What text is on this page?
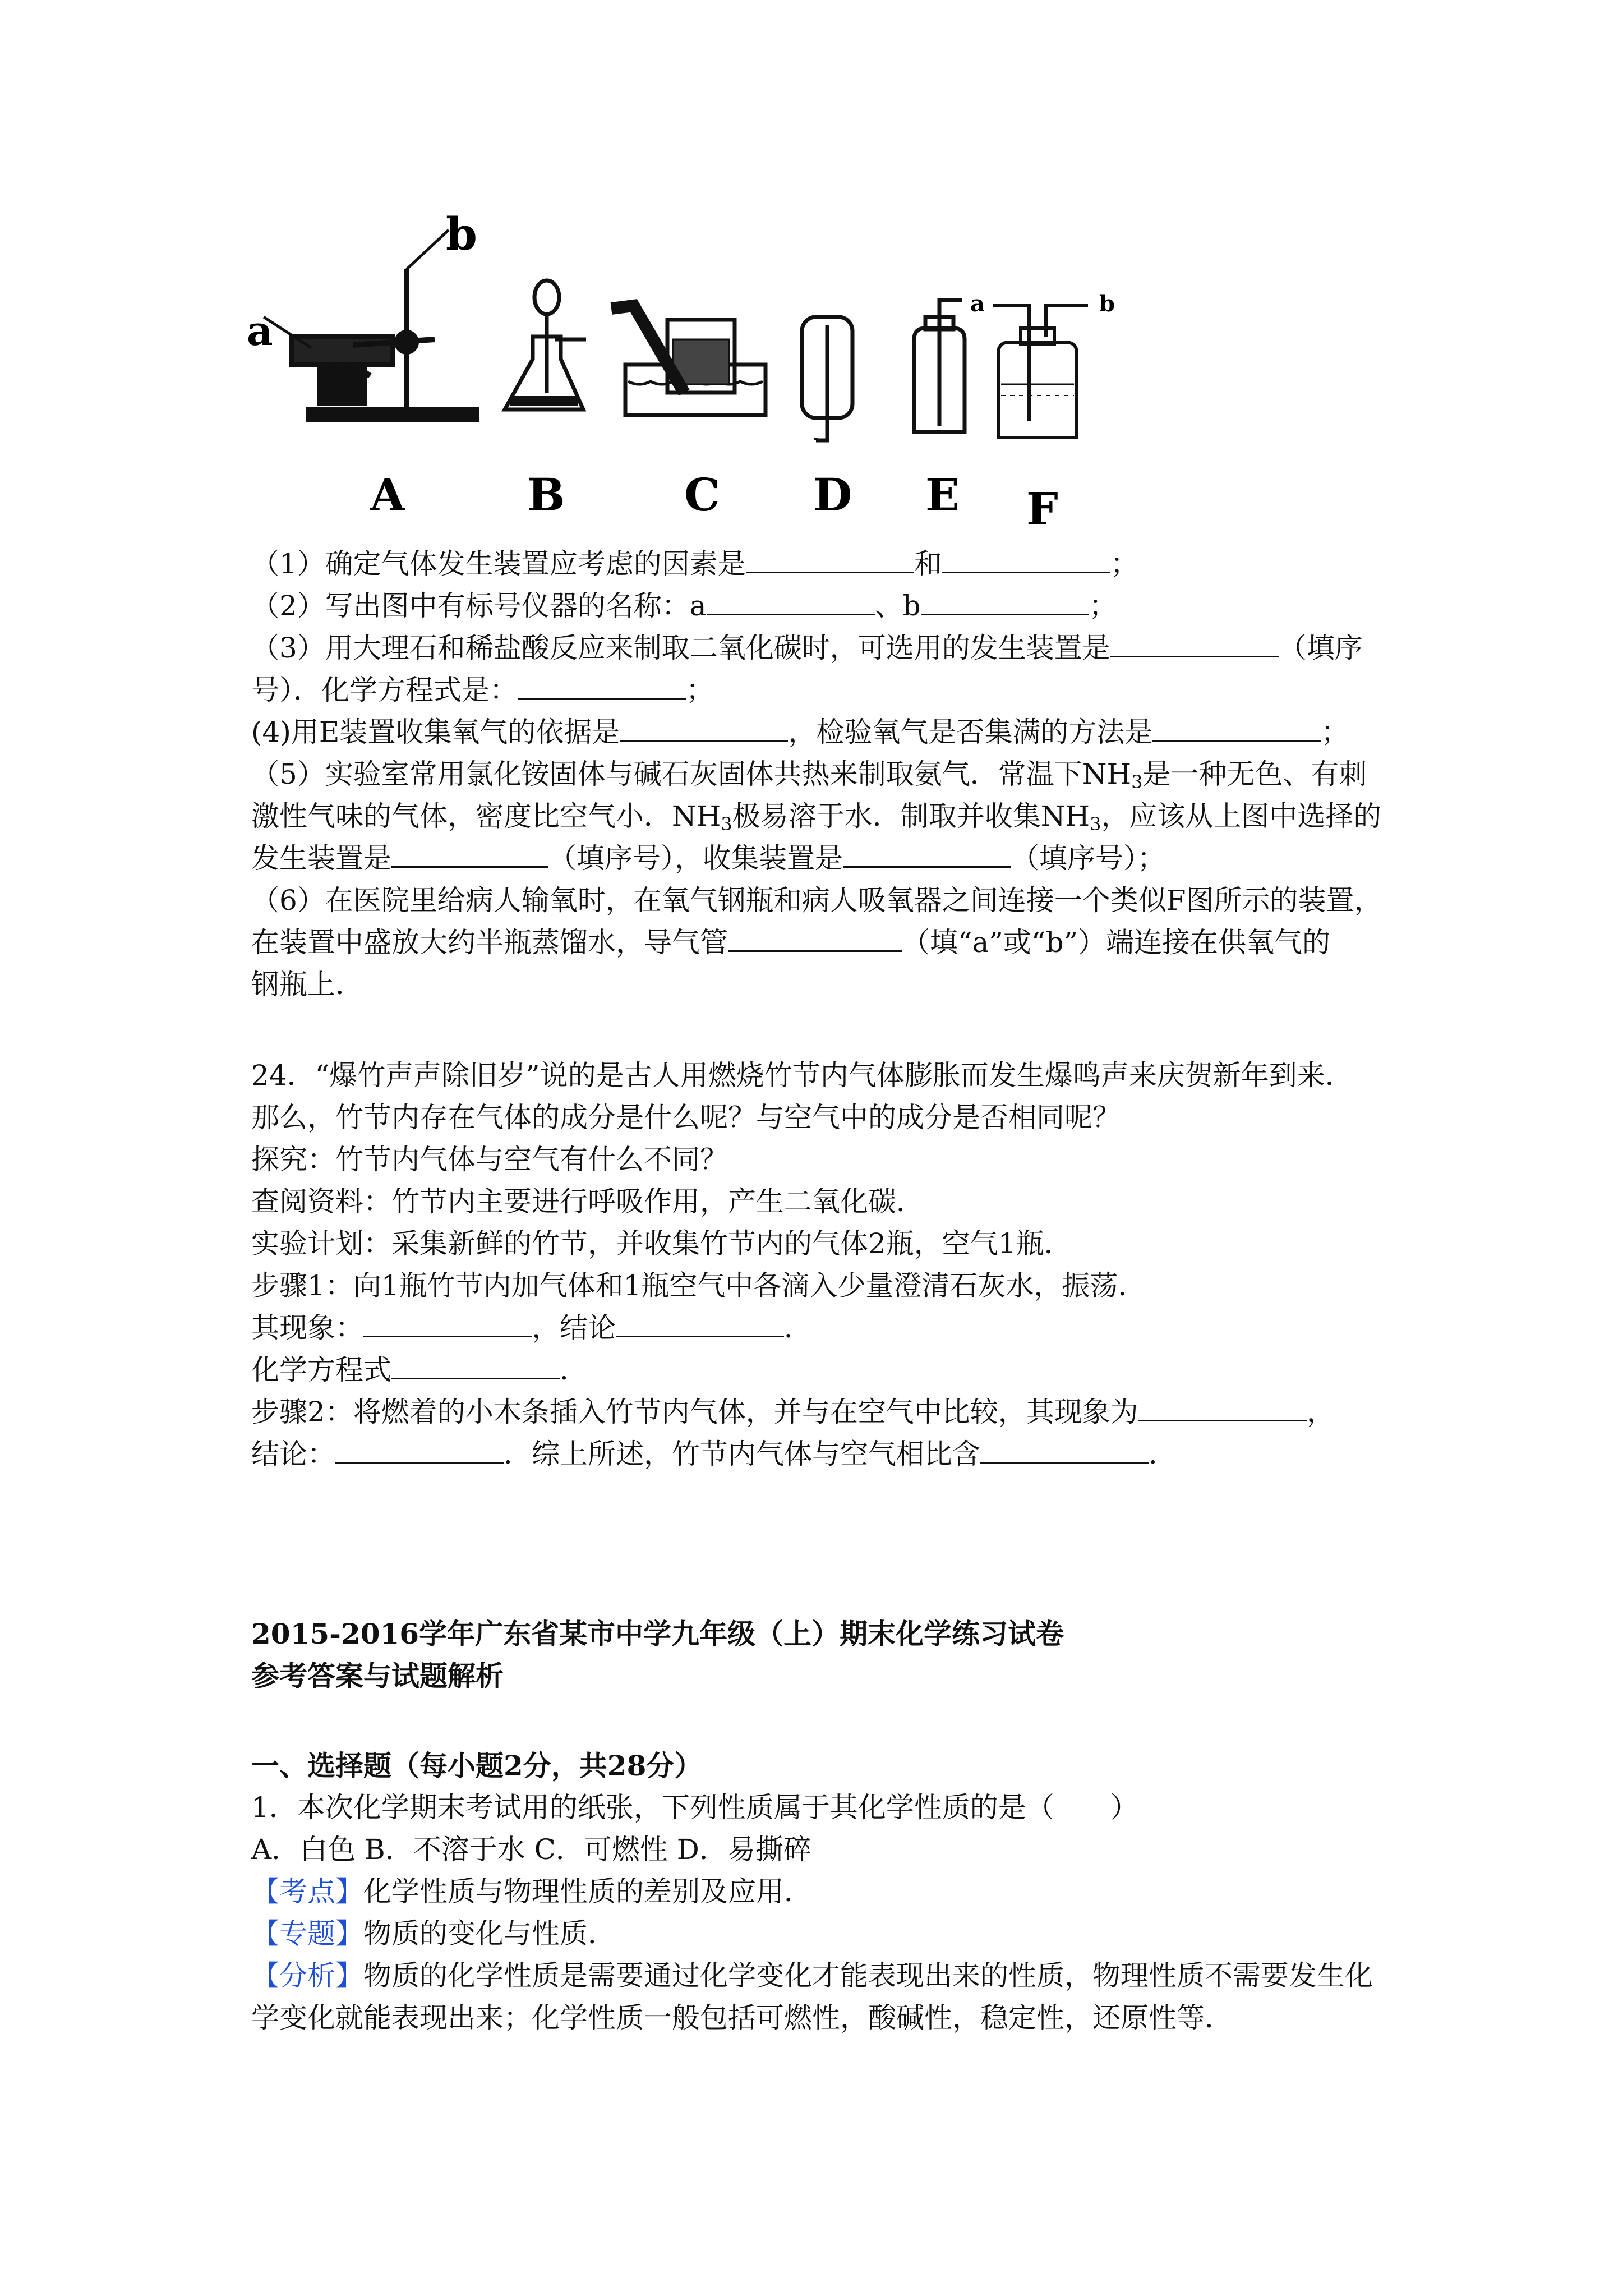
a
b
a	b
A	B	C D E F
（1）确定气体发生装置应考虑的因素是	和	；
（2）写出图中有标号仪器的名称：a	、b	；
（3）用大理石和稀盐酸反应来制取二氧化碳时，可选用的发生装置是	（填序
号）．化学方程式是：	；
(4)用E装置收集氧气的依据是	，检验氧气是否集满的方法是	；
（5）实验室常用氯化铵固体与碱石灰固体共热来制取氨气．常温下$NH_3$是一种无色、有刺
激性气味的气体，密度比空气小．$NH_3$极易溶于水．制取并收集$NH_3$，应该从上图中选择的
发生装置是	（填序号），收集装置是	（填序号）；
（6）在医院里给病人输氧时，在氧气钢瓶和病人吸氧器之间连接一个类似F图所示的装置，
在装置中盛放大约半瓶蒸馏水，导气管	（填“a”或“b”）端连接在供氧气的
钢瓶上．
24．“爆竹声声除旧岁”说的是古人用燃烧竹节内气体膨胀而发生爆鸣声来庆贺新年到来．
那么，竹节内存在气体的成分是什么呢？与空气中的成分是否相同呢？
探究：竹节内气体与空气有什么不同？
查阅资料：竹节内主要进行呼吸作用，产生二氧化碳．
实验计划：采集新鲜的竹节，并收集竹节内的气体2瓶，空气1瓶．
步骤1：向1瓶竹节内加气体和1瓶空气中各滴入少量澄清石灰水，振荡．
其现象：	，结论	．
化学方程式	．
步骤2：将燃着的小木条插入竹节内气体，并与在空气中比较，其现象为	，
结论：	．综上所述，竹节内气体与空气相比含	．
2015-2016学年广东省某市中学九年级（上）期末化学练习试卷
参考答案与试题解析
一、选择题（每小题2分，共28分）
1．本次化学期末考试用的纸张，下列性质属于其化学性质的是（　　）
A．白色 B．不溶于水 C．可燃性 D．易撕碎
【考点】化学性质与物理性质的差别及应用．
【专题】物质的变化与性质．
【分析】物质的化学性质是需要通过化学变化才能表现出来的性质，物理性质不需要发生化
学变化就能表现出来；化学性质一般包括可燃性，酸碱性，稳定性，还原性等．
